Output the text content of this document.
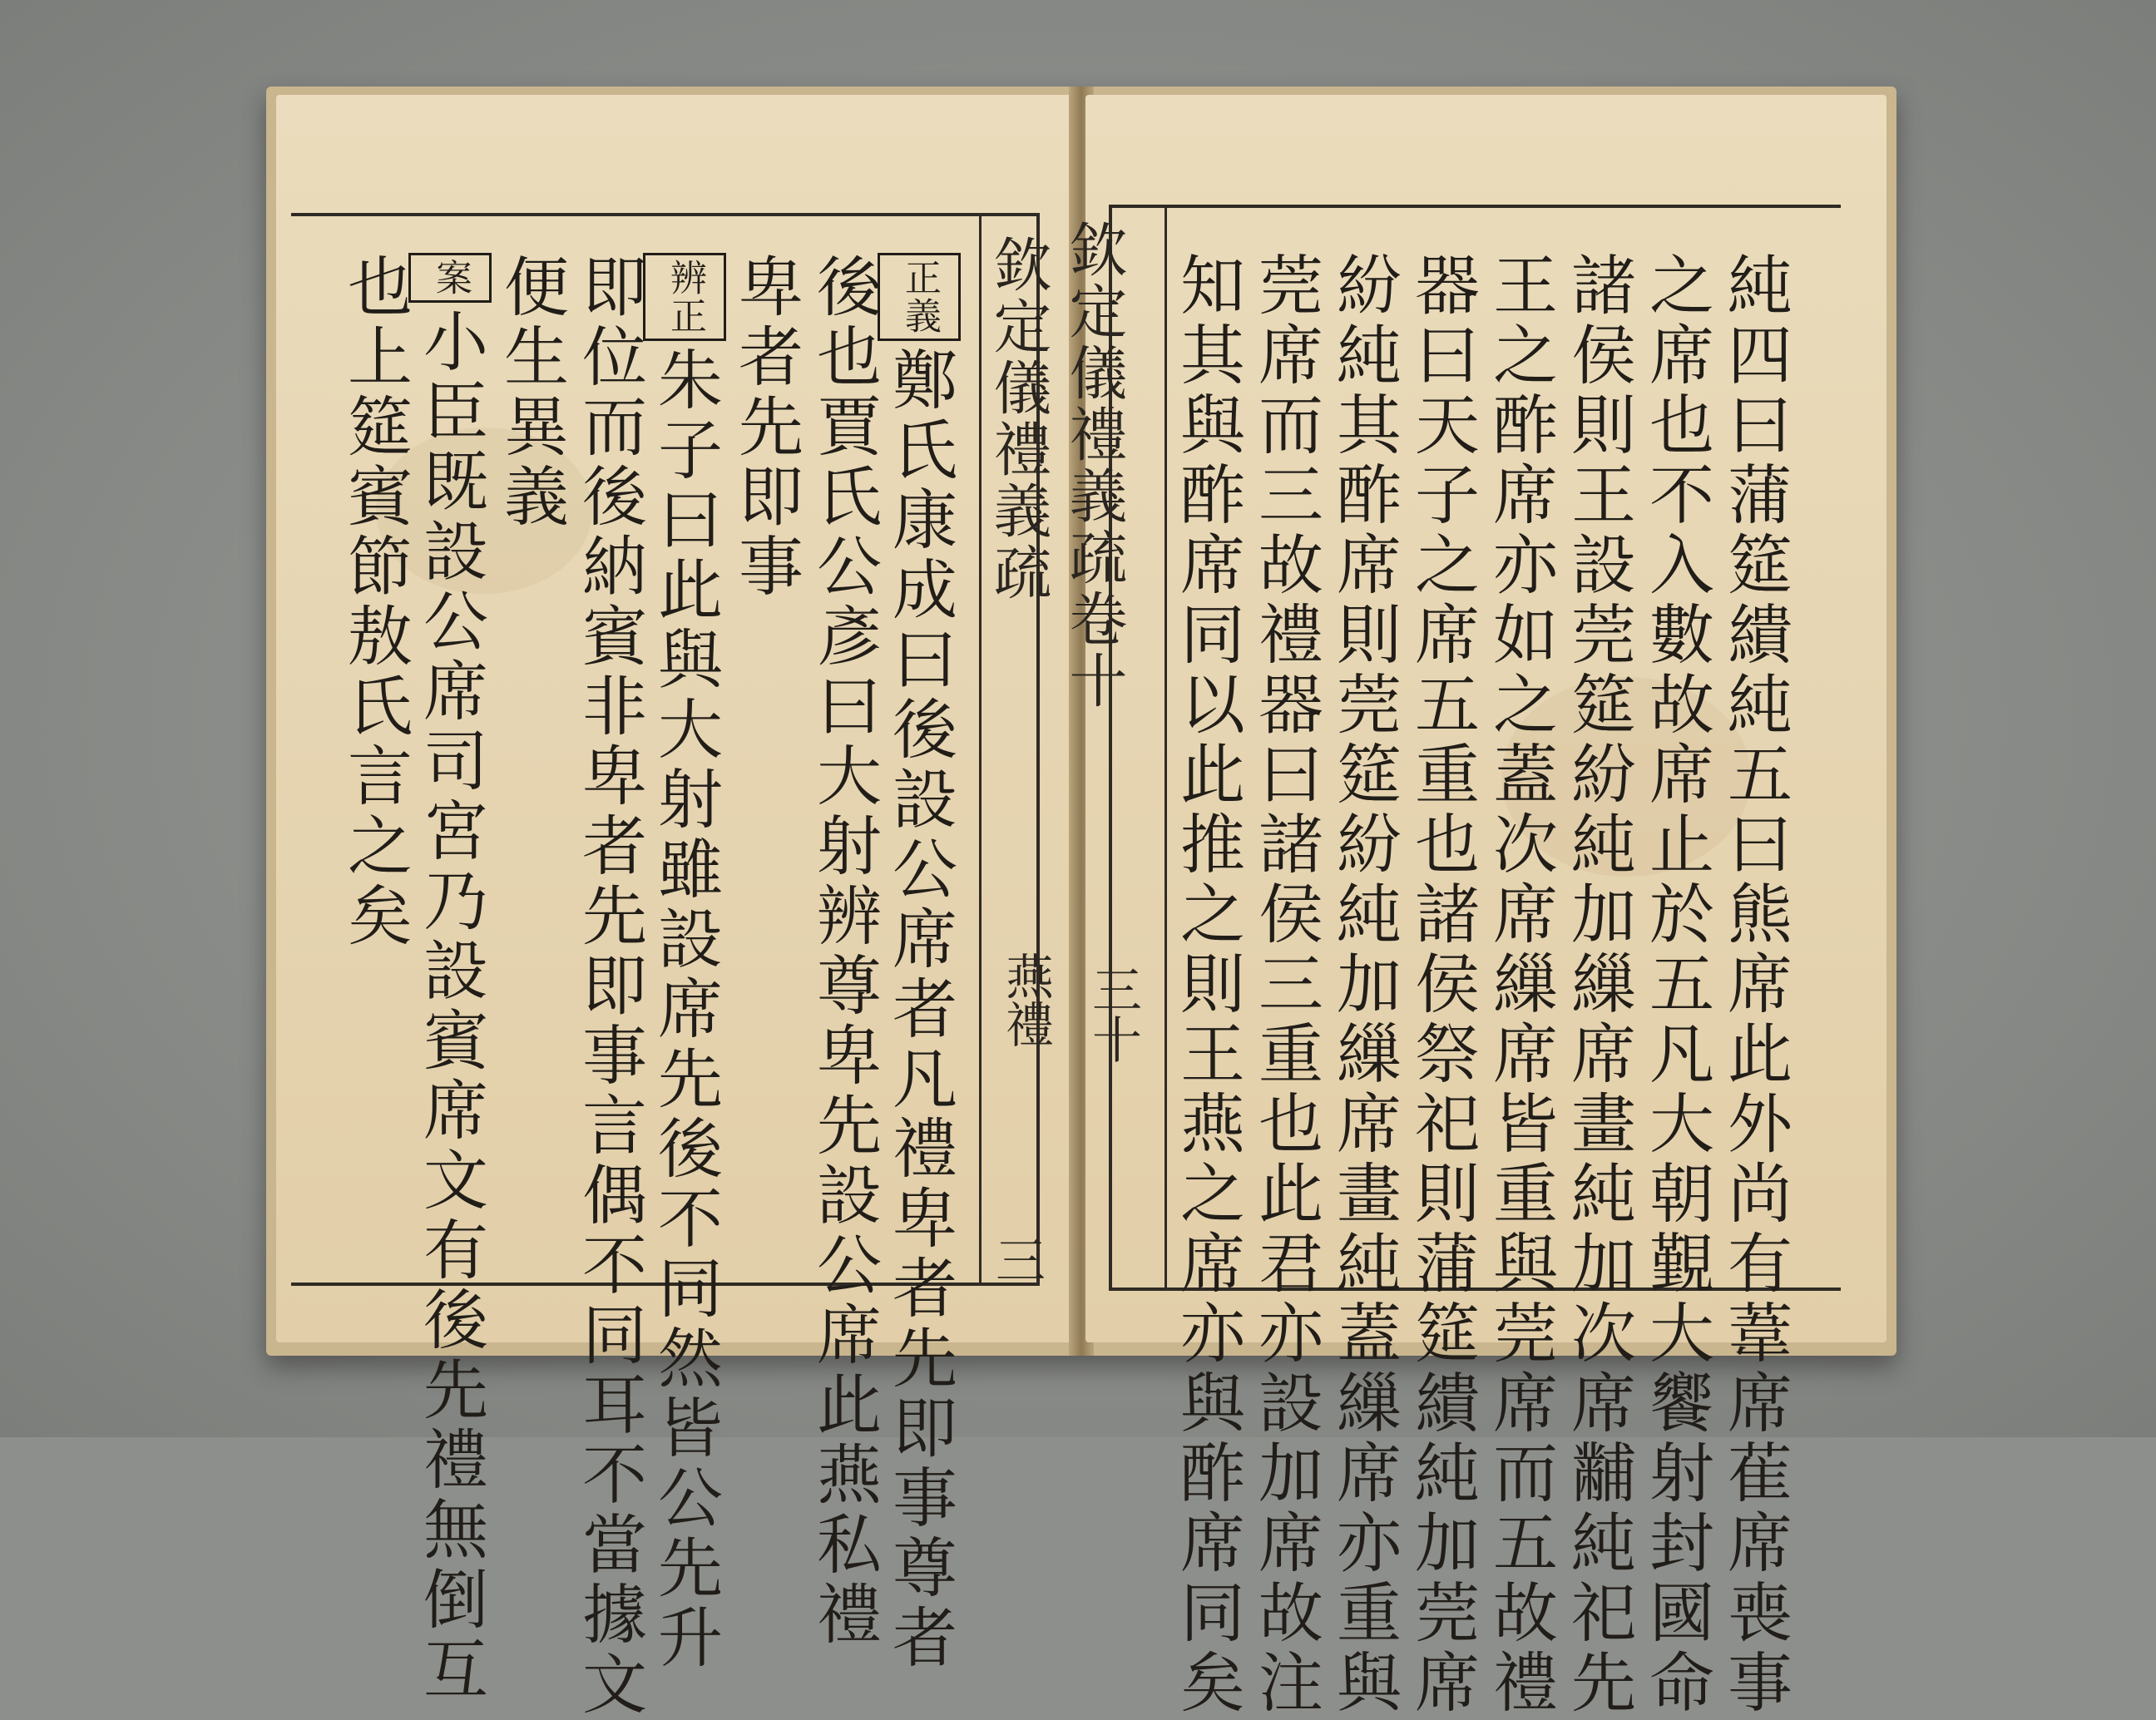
欽定儀禮義疏
燕禮
三
正義鄭氏康成曰後設公席者凡禮卑者先即事尊者
後也賈氏公彥曰大射辨尊卑先設公席此燕私禮
卑者先即事
辨正朱子曰此與大射雖設席先後不同然皆公先升
即位而後納賓非卑者先即事言偶不同耳不當據文
便生異義
案小臣既設公席司宮乃設賓席文有後先禮無倒互
也上筵賓節敖氏言之矣	欽定儀禮義疏卷十
三十	純四曰蒲筵繢純五曰熊席此外尚有葦席萑席喪事
之席也不入數故席止於五凡大朝覲大饗射封國命
諸侯則王設莞筵紛純加繅席畫純加次席黼純祀先
王之酢席亦如之蓋次席繅席皆重與莞席而五故禮
器曰天子之席五重也諸侯祭祀則蒲筵繢純加莞席
紛純其酢席則莞筵紛純加繅席畫純蓋繅席亦重與
莞席而三故禮器曰諸侯三重也此君亦設加席故注
知其與酢席同以此推之則王燕之席亦與酢席同矣
